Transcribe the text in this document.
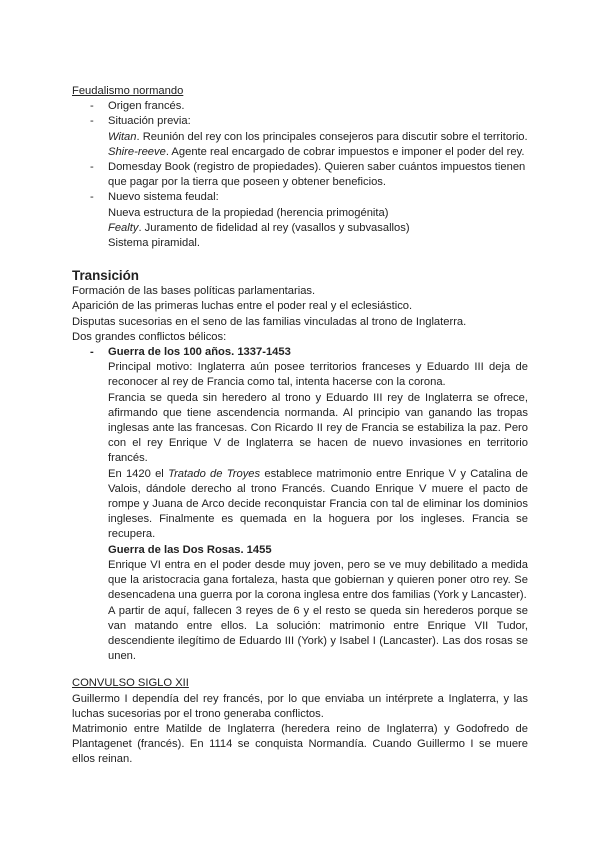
Feudalismo normando

- Origen francés.
- Situación previa:
Witan. Reunión del rey con los principales consejeros para discutir sobre el territorio.
Shire-reeve. Agente real encargado de cobrar impuestos e imponer el poder del rey.
- Domesday Book (registro de propiedades). Quieren saber cuántos impuestos tienen que pagar por la tierra que poseen y obtener beneficios.
- Nuevo sistema feudal:
Nueva estructura de la propiedad (herencia primogénita)
Fealty. Juramento de fidelidad al rey (vasallos y subvasallos)
Sistema piramidal.

Transición

Formación de las bases políticas parlamentarias.

Aparición de las primeras luchas entre el poder real y el eclesiástico.

Disputas sucesorias en el seno de las familias vinculadas al trono de Inglaterra.

Dos grandes conflictos bélicos:

- Guerra de los 100 años. 1337-1453

Principal motivo: Inglaterra aún posee territorios franceses y Eduardo III deja de reconocer al rey de Francia como tal, intenta hacerse con la corona.

Francia se queda sin heredero al trono y Eduardo III rey de Inglaterra se ofrece, afirmando que tiene ascendencia normanda. Al principio van ganando las tropas inglesas ante las francesas. Con Ricardo II rey de Francia se estabiliza la paz. Pero con el rey Enrique V de Inglaterra se hacen de nuevo invasiones en territorio francés.

En 1420 el Tratado de Troyes establece matrimonio entre Enrique V y Catalina de Valois, dándole derecho al trono Francés. Cuando Enrique V muere el pacto de rompe y Juana de Arco decide reconquistar Francia con tal de eliminar los dominios ingleses. Finalmente es quemada en la hoguera por los ingleses. Francia se recupera.

Guerra de las Dos Rosas. 1455

Enrique VI entra en el poder desde muy joven, pero se ve muy debilitado a medida que la aristocracia gana fortaleza, hasta que gobiernan y quieren poner otro rey. Se desencadena una guerra por la corona inglesa entre dos familias (York y Lancaster).

A partir de aquí, fallecen 3 reyes de 6 y el resto se queda sin herederos porque se van matando entre ellos. La solución: matrimonio entre Enrique VII Tudor, descendiente ilegítimo de Eduardo III (York) y Isabel I (Lancaster). Las dos rosas se unen.

CONVULSO SIGLO XII

Guillermo I dependía del rey francés, por lo que enviaba un intérprete a Inglaterra, y las luchas sucesorias por el trono generaba conflictos.

Matrimonio entre Matilde de Inglaterra (heredera reino de Inglaterra) y Godofredo de Plantagenet (francés). En 1114 se conquista Normandía. Cuando Guillermo I se muere ellos reinan.
